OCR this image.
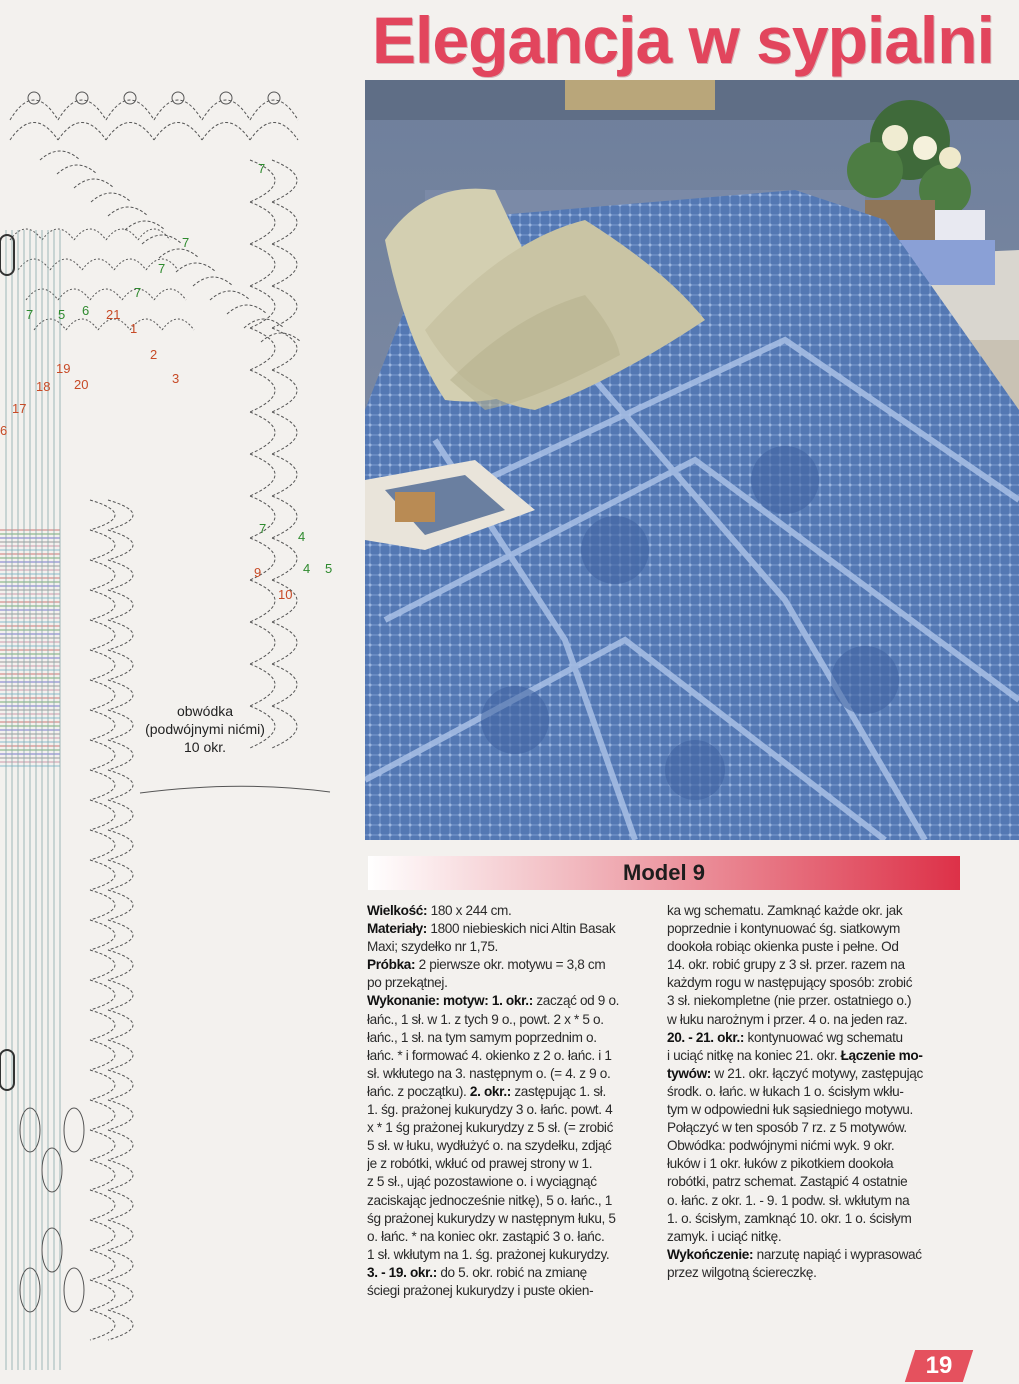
Elegancja w sypialni
obwódka
(podwójnymi nićmi)
10 okr.
7
7
7
7 5 6
7
7
4
4
21
1
2
3
19
20
18
17
6
9
10
5
Model 9
Wielkość: 180 x 244 cm.
Materiały: 1800 niebieskich nici Altin Basak
Maxi; szydełko nr 1,75.
Próbka: 2 pierwsze okr. motywu = 3,8 cm
po przekątnej.
Wykonanie: motyw: 1. okr.: zacząć od 9 o.
łańc., 1 sł. w 1. z tych 9 o., powt. 2 x * 5 o.
łańc., 1 sł. na tym samym poprzednim o.
łańc. * i formować 4. okienko z 2 o. łańc. i 1
sł. wkłutego na 3. następnym o. (= 4. z 9 o.
łańc. z początku). 2. okr.: zastępując 1. sł.
1. śg. prażonej kukurydzy 3 o. łańc. powt. 4
x * 1 śg prażonej kukurydzy z 5 sł. (= zrobić
5 sł. w łuku, wydłużyć o. na szydełku, zdjąć
je z robótki, wkłuć od prawej strony w 1.
z 5 sł., ująć pozostawione o. i wyciągnąć
zaciskając jednocześnie nitkę), 5 o. łańc., 1
śg prażonej kukurydzy w następnym łuku, 5
o. łańc. * na koniec okr. zastąpić 3 o. łańc.
1 sł. wkłutym na 1. śg. prażonej kukurydzy.
3. - 19. okr.: do 5. okr. robić na zmianę
ściegi prażonej kukurydzy i puste okien-
ka wg schematu. Zamknąć każde okr. jak
poprzednie i kontynuować śg. siatkowym
dookoła robiąc okienka puste i pełne. Od
14. okr. robić grupy z 3 sł. przer. razem na
każdym rogu w następujący sposób: zrobić
3 sł. niekompletne (nie przer. ostatniego o.)
w łuku narożnym i przer. 4 o. na jeden raz.
20. - 21. okr.: kontynuować wg schematu
i uciąć nitkę na koniec 21. okr. Łączenie mo-
tywów: w 21. okr. łączyć motywy, zastępując
środk. o. łańc. w łukach 1 o. ścisłym wkłu-
tym w odpowiedni łuk sąsiedniego motywu.
Połączyć w ten sposób 7 rz. z 5 motywów.
Obwódka: podwójnymi nićmi wyk. 9 okr.
łuków i 1 okr. łuków z pikotkiem dookoła
robótki, patrz schemat. Zastąpić 4 ostatnie
o. łańc. z okr. 1. - 9. 1 podw. sł. wkłutym na
1. o. ścisłym, zamknąć 10. okr. 1 o. ścisłym
zamyk. i uciąć nitkę.
Wykończenie: narzutę napiąć i wyprasować
przez wilgotną ściereczkę.
19
